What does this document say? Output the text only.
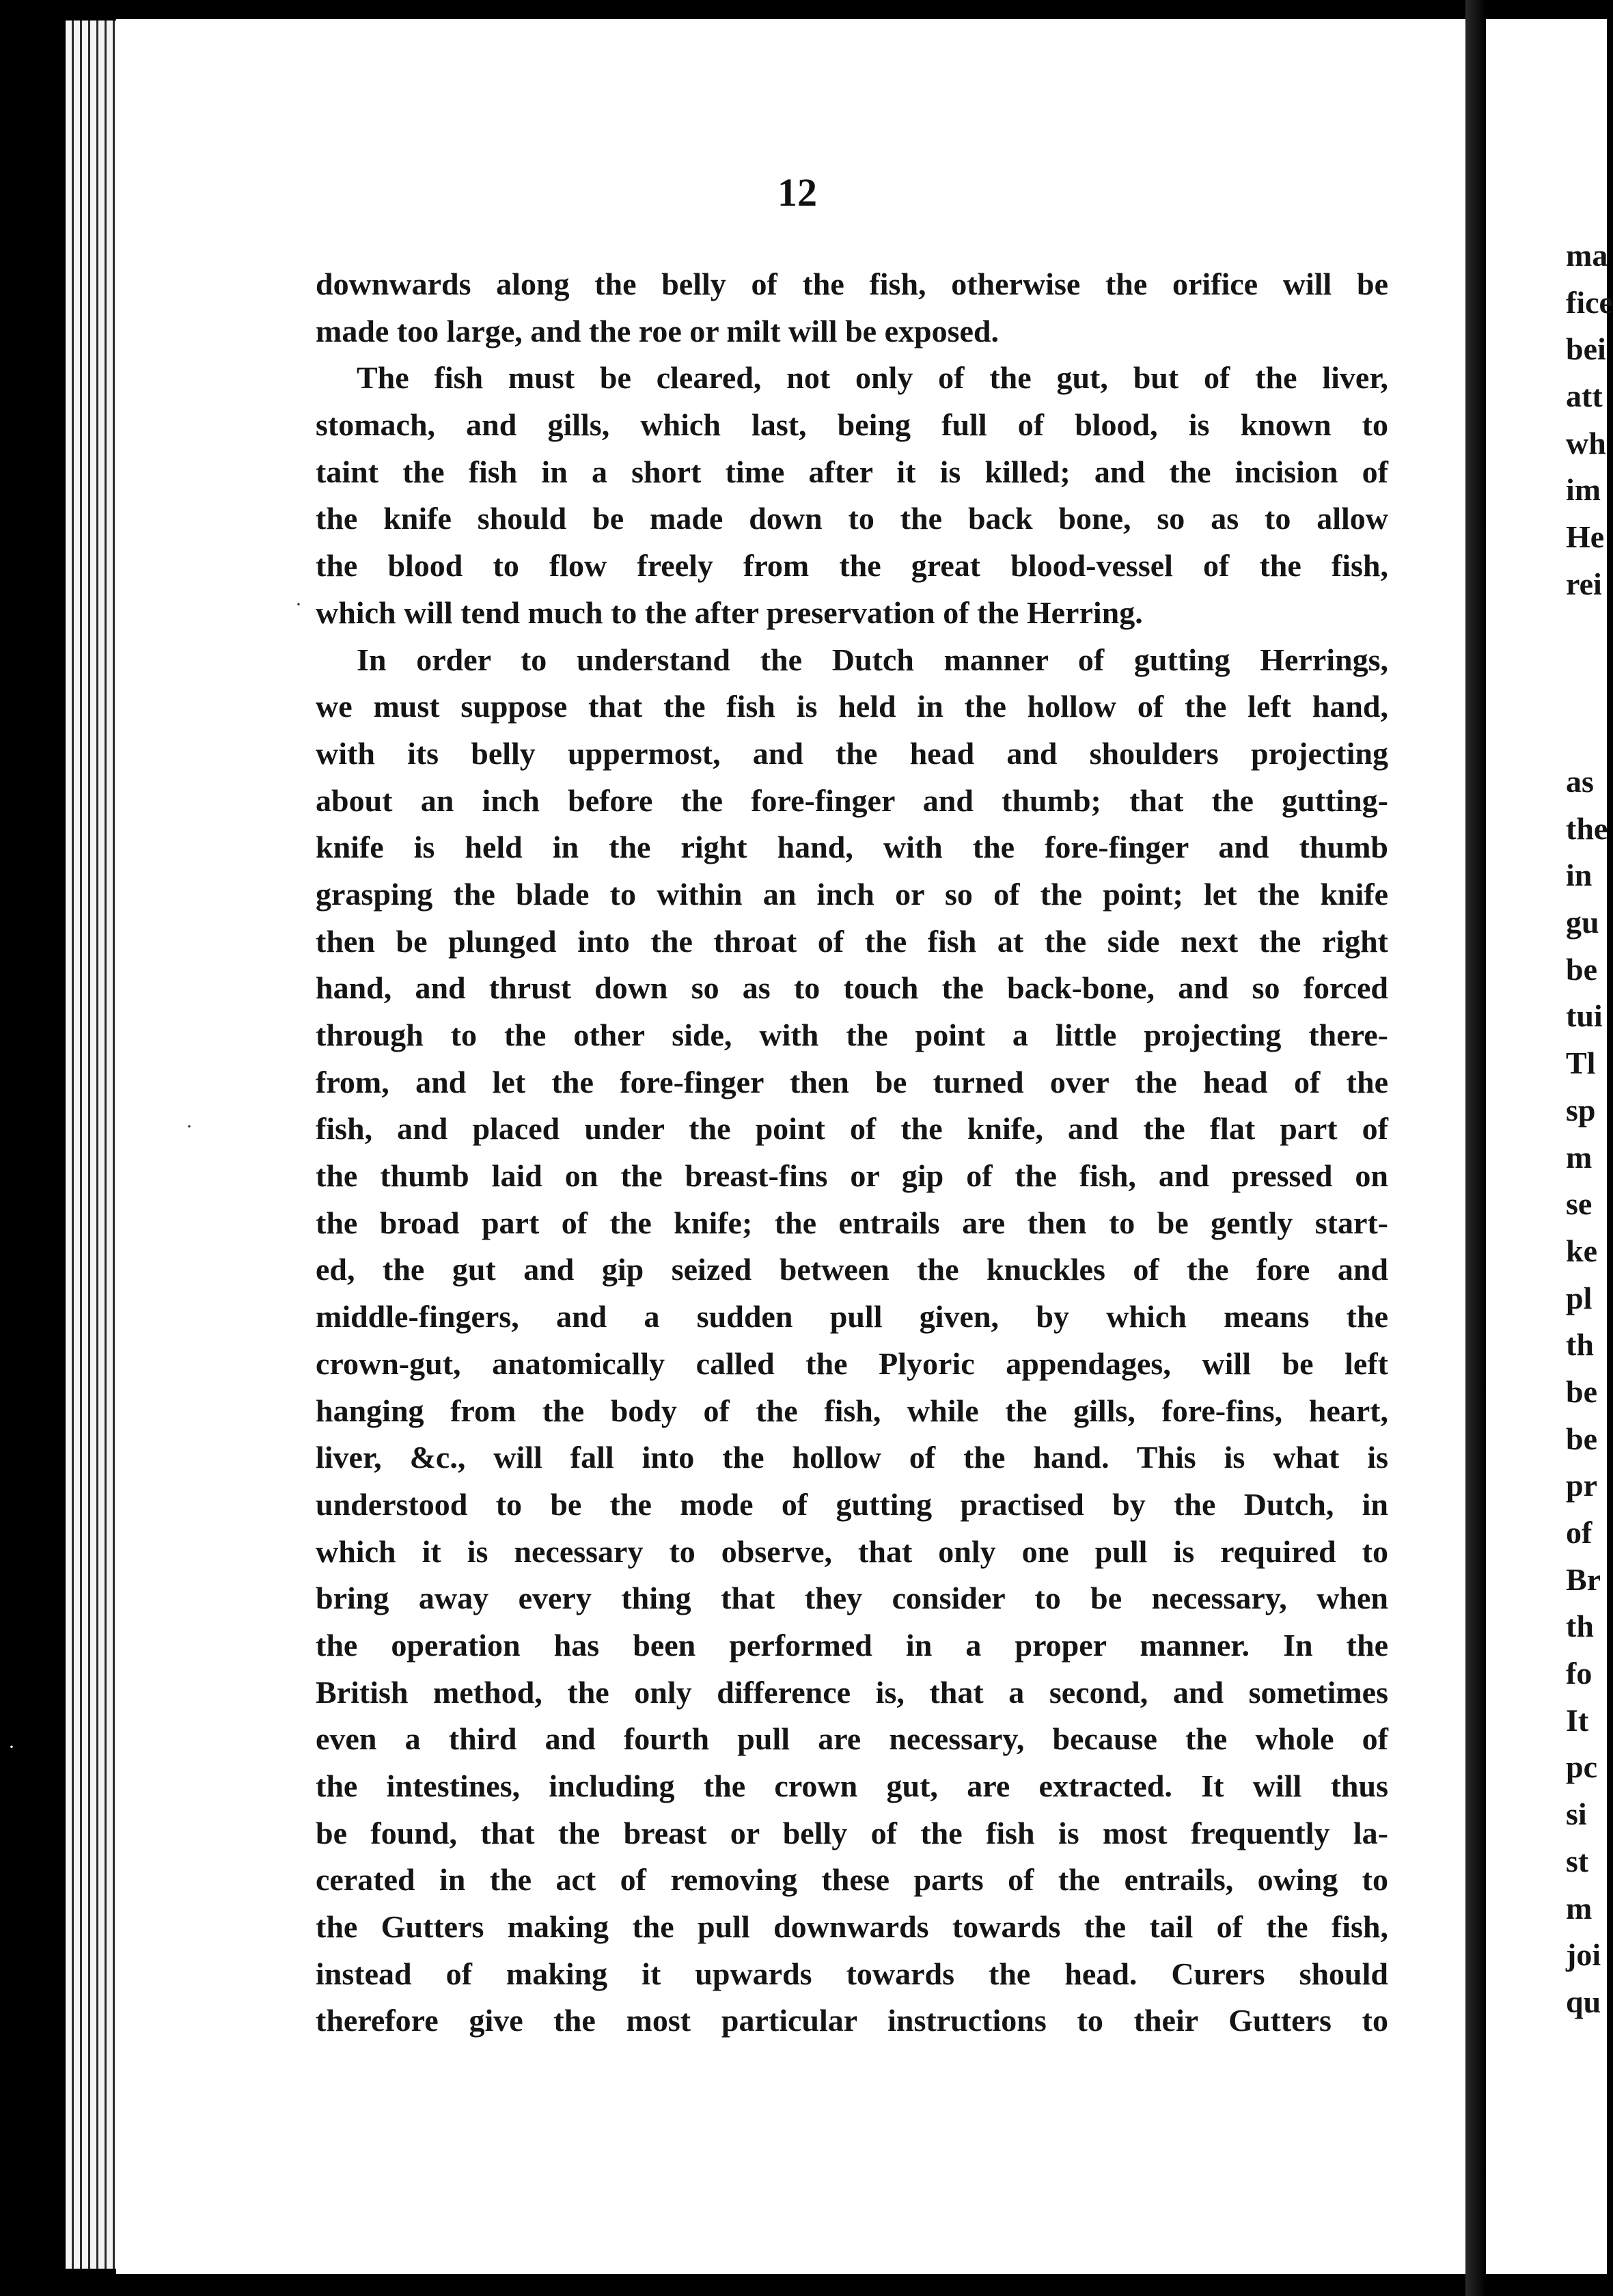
12
downwards along the belly of the fish, otherwise the orifice will be
made too large, and the roe or milt will be exposed.
The fish must be cleared, not only of the gut, but of the liver,
stomach, and gills, which last, being full of blood, is known to
taint the fish in a short time after it is killed; and the incision of
the knife should be made down to the back bone, so as to allow
the blood to flow freely from the great blood-vessel of the fish,
which will tend much to the after preservation of the Herring.
In order to understand the Dutch manner of gutting Herrings,
we must suppose that the fish is held in the hollow of the left hand,
with its belly uppermost, and the head and shoulders projecting
about an inch before the fore-finger and thumb; that the gutting-
knife is held in the right hand, with the fore-finger and thumb
grasping the blade to within an inch or so of the point; let the knife
then be plunged into the throat of the fish at the side next the right
hand, and thrust down so as to touch the back-bone, and so forced
through to the other side, with the point a little projecting there-
from, and let the fore-finger then be turned over the head of the
fish, and placed under the point of the knife, and the flat part of
the thumb laid on the breast-fins or gip of the fish, and pressed on
the broad part of the knife; the entrails are then to be gently start-
ed, the gut and gip seized between the knuckles of the fore and
middle-fingers, and a sudden pull given, by which means the
crown-gut, anatomically called the Plyoric appendages, will be left
hanging from the body of the fish, while the gills, fore-fins, heart,
liver, &c., will fall into the hollow of the hand. This is what is
understood to be the mode of gutting practised by the Dutch, in
which it is necessary to observe, that only one pull is required to
bring away every thing that they consider to be necessary, when
the operation has been performed in a proper manner. In the
British method, the only difference is, that a second, and sometimes
even a third and fourth pull are necessary, because the whole of
the intestines, including the crown gut, are extracted. It will thus
be found, that the breast or belly of the fish is most frequently la-
cerated in the act of removing these parts of the entrails, owing to
the Gutters making the pull downwards towards the tail of the fish,
instead of making it upwards towards the head. Curers should
therefore give the most particular instructions to their Gutters to
ma
fice
bei
att
wh
im
He
rei
as
the
in
gu
be
tui
Tl
sp
m
se
ke
pl
th
be
be
pr
of
Br
th
fo
It
pc
si
st
m
joi
qu
·
·
·
